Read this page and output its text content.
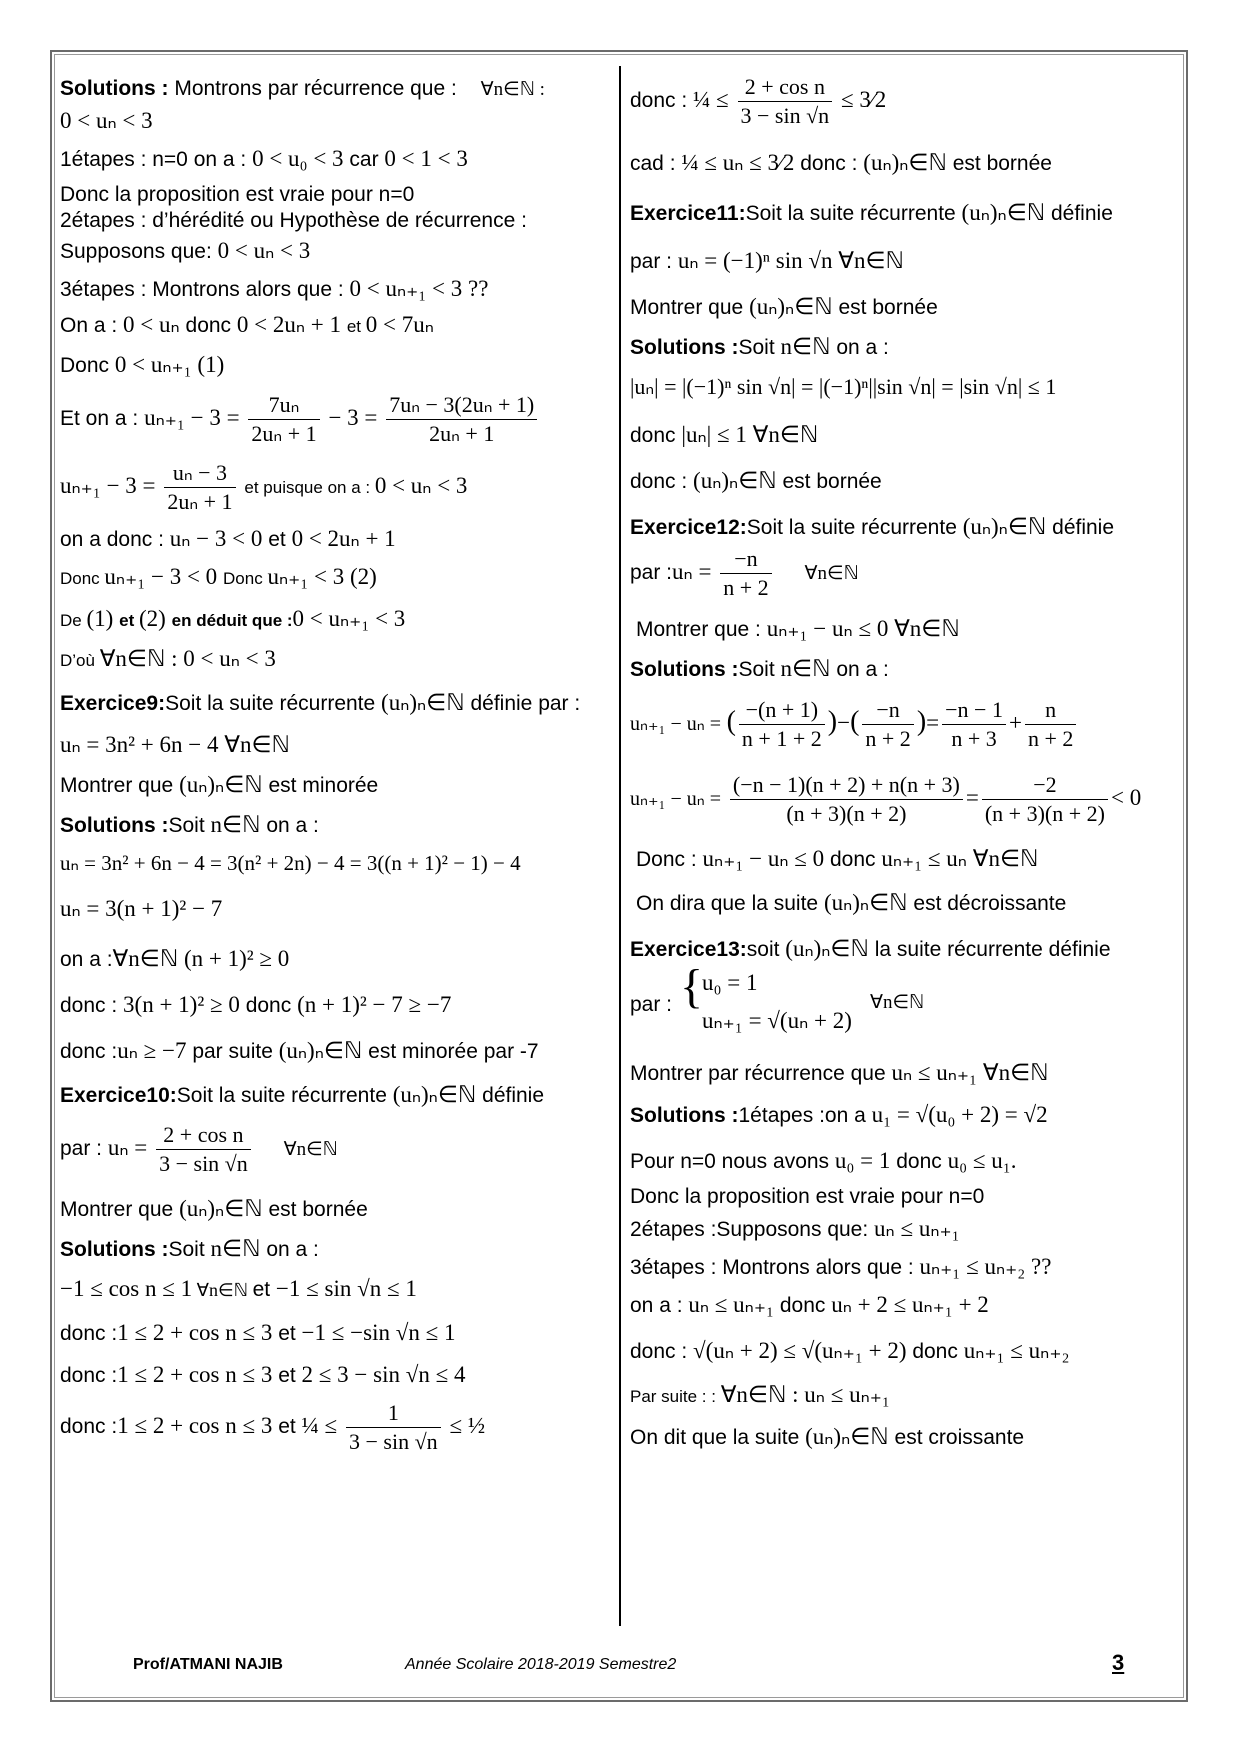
Solutions : Montrons par récurrence que : ∀n∈ℕ :
0 < uₙ < 3
1étapes : n=0 on a : 0 < u₀ < 3 car 0 < 1 < 3
Donc la proposition est vraie pour n=0
2étapes : d’hérédité ou Hypothèse de récurrence :
Supposons que: 0 < uₙ < 3
3étapes : Montrons alors que : 0 < uₙ₊₁ < 3 ??
On a : 0 < uₙ donc 0 < 2uₙ + 1 et 0 < 7uₙ
Donc 0 < uₙ₊₁ (1)
Et on a : $u_{n+1} - 3 = \frac{\text{7uₙ}}{\text{2uₙ + 1}} - 3 = \frac{\text{7uₙ − 3(2uₙ + 1)}}{\text{2uₙ + 1}}$
$u_{n+1} - 3 = \frac{\text{uₙ − 3}}{\text{2uₙ + 1}}$ et puisque on a : 0 < uₙ < 3
on a donc : uₙ − 3 < 0 et 0 < 2uₙ + 1
Donc uₙ₊₁ − 3 < 0 Donc uₙ₊₁ < 3 (2)
De (1) et (2) en déduit que :0 < uₙ₊₁ < 3
D’où ∀n∈ℕ : 0 < uₙ < 3
Exercice9:Soit la suite récurrente (uₙ)ₙ∈ℕ définie par :
uₙ = 3n² + 6n − 4 ∀n∈ℕ
Montrer que (uₙ)ₙ∈ℕ est minorée
Solutions :Soit n∈ℕ on a :
uₙ = 3n² + 6n − 4 = 3(n² + 2n) − 4 = 3((n + 1)² − 1) − 4
uₙ = 3(n + 1)² − 7
on a :∀n∈ℕ (n + 1)² ≥ 0
donc : 3(n + 1)² ≥ 0 donc (n + 1)² − 7 ≥ −7
donc :uₙ ≥ −7 par suite (uₙ)ₙ∈ℕ est minorée par -7
Exercice10:Soit la suite récurrente (uₙ)ₙ∈ℕ définie
par : $u_n = \frac{\text{2 + cos n}}{3 - \sin √n}$ ∀n∈ℕ
Montrer que (uₙ)ₙ∈ℕ est bornée
Solutions :Soit n∈ℕ on a :
−1 ≤ cos n ≤ 1 ∀n∈ℕ et −1 ≤ sin √n ≤ 1
donc :1 ≤ 2 + cos n ≤ 3 et −1 ≤ −sin √n ≤ 1
donc :1 ≤ 2 + cos n ≤ 3 et 2 ≤ 3 − sin √n ≤ 4
donc :1 ≤ 2 + cos n ≤ 3 et ¼ ≤ $\frac{1}{3 - \sin √n}$ ≤ ½
donc : ¼ ≤ $\frac{\text{2 + cos n}}{3 - \sin √n}$ ≤ 3⁄2
cad : ¼ ≤ uₙ ≤ 3⁄2 donc : (uₙ)ₙ∈ℕ est bornée
Exercice11:Soit la suite récurrente (uₙ)ₙ∈ℕ définie
par : uₙ = (−1)ⁿ sin √n ∀n∈ℕ
Montrer que (uₙ)ₙ∈ℕ est bornée
Solutions :Soit n∈ℕ on a :
|uₙ| = |(−1)ⁿ sin √n| = |(−1)ⁿ||sin √n| = |sin √n| ≤ 1
donc |uₙ| ≤ 1 ∀n∈ℕ
donc : (uₙ)ₙ∈ℕ est bornée
Exercice12:Soit la suite récurrente (uₙ)ₙ∈ℕ définie
par :uₙ = $\frac{-n}{n + 2}$ ∀n∈ℕ
Montrer que : uₙ₊₁ − uₙ ≤ 0 ∀n∈ℕ
Solutions :Soit n∈ℕ on a :
uₙ₊₁ − uₙ = ( $\frac{-(n + 1)}{n + 1 + 2}$ )−( $\frac{-n}{n + 2}$ )= $\frac{-n - 1}{n + 3} + \frac{n}{n + 2}$
$u_{n+1} - u_n = \frac{(-n - 1)(n + 2) + n(n + 3)}{(n + 3)(n + 2)} = \frac{-2}{(n + 3)(n + 2)} < 0$
Donc : uₙ₊₁ − uₙ ≤ 0 donc uₙ₊₁ ≤ uₙ ∀n∈ℕ
On dira que la suite (uₙ)ₙ∈ℕ est décroissante
Exercice13:soit (uₙ)ₙ∈ℕ la suite récurrente définie
par : {
u₀ = 1
uₙ₊₁ = √(uₙ + 2)
∀n∈ℕ
Montrer par récurrence que uₙ ≤ uₙ₊₁ ∀n∈ℕ
Solutions :1étapes :on a u₁ = √(u₀ + 2) = √2
Pour n=0 nous avons u₀ = 1 donc u₀ ≤ u₁.
Donc la proposition est vraie pour n=0
2étapes :Supposons que: uₙ ≤ uₙ₊₁
3étapes : Montrons alors que : uₙ₊₁ ≤ uₙ₊₂ ??
on a : uₙ ≤ uₙ₊₁ donc uₙ + 2 ≤ uₙ₊₁ + 2
donc : √(uₙ + 2) ≤ √(uₙ₊₁ + 2) donc uₙ₊₁ ≤ uₙ₊₂
Par suite : : ∀n∈ℕ : uₙ ≤ uₙ₊₁
On dit que la suite (uₙ)ₙ∈ℕ est croissante
Prof/ATMANI NAJIB	Année Scolaire 2018-2019 Semestre2	3
